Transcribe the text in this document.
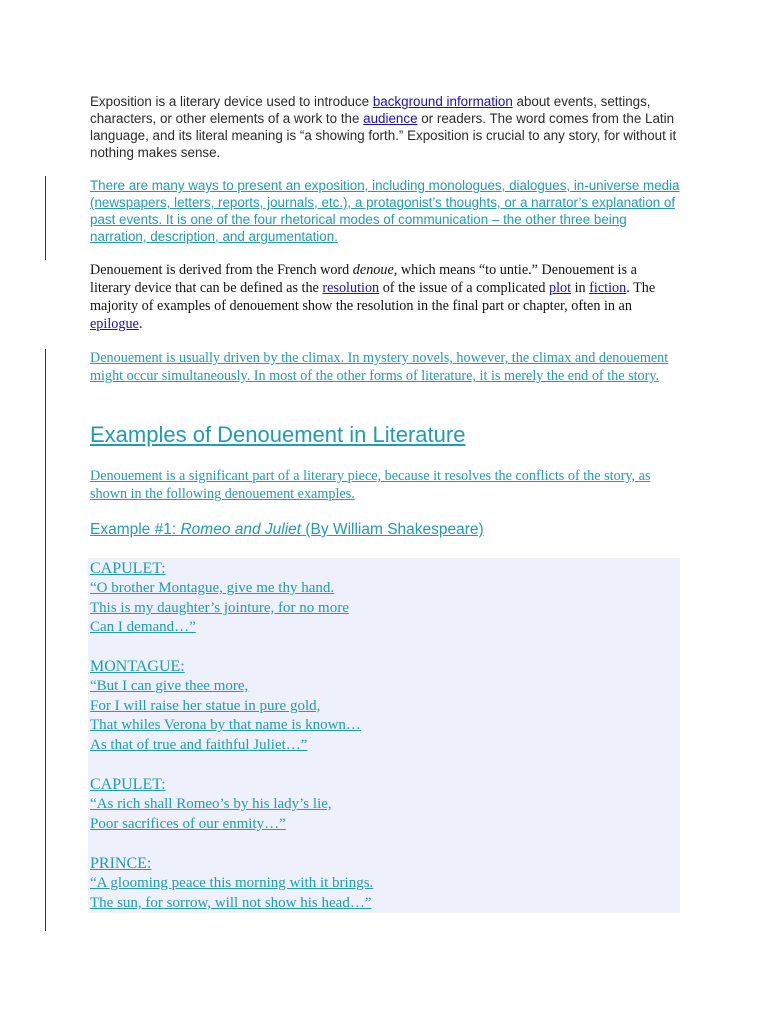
Exposition is a literary device used to introduce background information about events, settings, characters, or other elements of a work to the audience or readers. The word comes from the Latin language, and its literal meaning is “a showing forth.” Exposition is crucial to any story, for without it nothing makes sense.
There are many ways to present an exposition, including monologues, dialogues, in-universe media (newspapers, letters, reports, journals, etc.), a protagonist’s thoughts, or a narrator’s explanation of past events. It is one of the four rhetorical modes of communication – the other three being narration, description, and argumentation.
Denouement is derived from the French word denoue, which means “to untie.” Denouement is a literary device that can be defined as the resolution of the issue of a complicated plot in fiction. The majority of examples of denouement show the resolution in the final part or chapter, often in an epilogue.
Denouement is usually driven by the climax. In mystery novels, however, the climax and denouement might occur simultaneously. In most of the other forms of literature, it is merely the end of the story.
Examples of Denouement in Literature
Denouement is a significant part of a literary piece, because it resolves the conflicts of the story, as shown in the following denouement examples.
Example #1: Romeo and Juliet (By William Shakespeare)
CAPULET:
“O brother Montague, give me thy hand.
This is my daughter’s jointure, for no more
Can I demand…”
MONTAGUE:
“But I can give thee more,
For I will raise her statue in pure gold,
That whiles Verona by that name is known…
As that of true and faithful Juliet…”
CAPULET:
“As rich shall Romeo’s by his lady’s lie,
Poor sacrifices of our enmity…”
PRINCE:
“A glooming peace this morning with it brings.
The sun, for sorrow, will not show his head…”
